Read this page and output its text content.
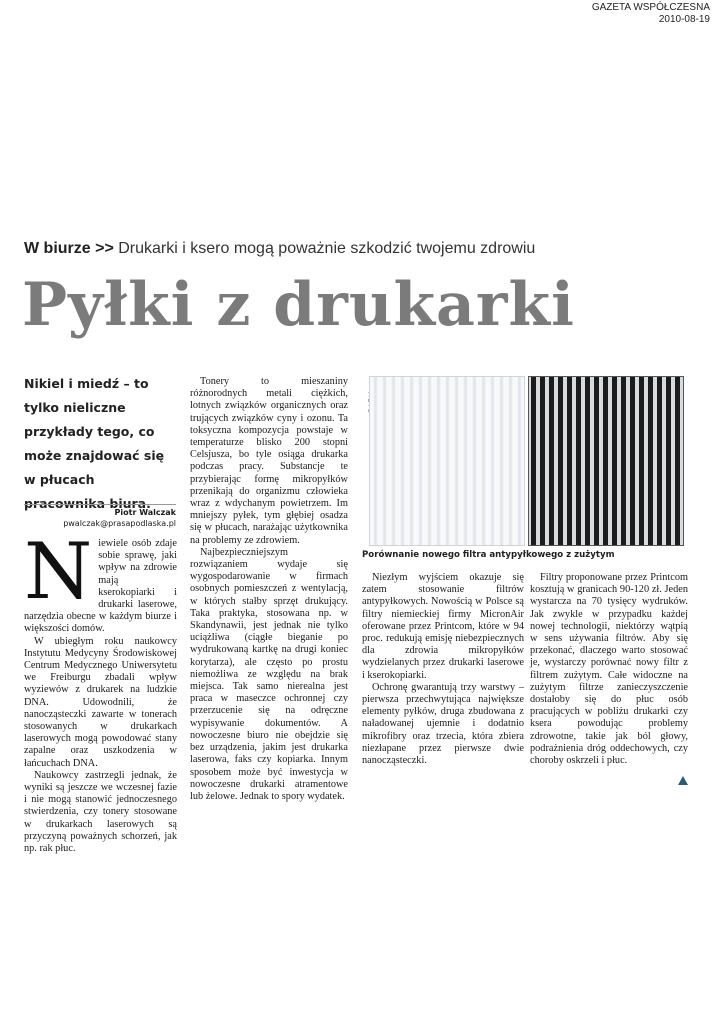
GAZETA WSPÓŁCZESNA
2010-08-19
W biurze >> Drukarki i ksero mogą poważnie szkodzić twojemu zdrowiu
Pyłki z drukarki
Nikiel i miedź – to tylko nieliczne przykłady tego, co może znajdować się w płucach pracownika biura.
Piotr Walczak
pwalczak@prasapodlaska.pl

Niewiele osób zdaje sobie sprawę, jaki wpływ na zdrowie mają kserokopiarki i drukarki laserowe, narzędzia obecne w każdym biurze i większości domów.

W ubiegłym roku naukowcy Instytutu Medycyny Środowiskowej Centrum Medycznego Uniwersytetu we Freiburgu zbadali wpływ wyziewów z drukarek na ludzkie DNA. Udowodnili, że nanocząsteczki zawarte w tonerach stosowanych w drukarkach laserowych mogą powodować stany zapalne oraz uszkodzenia w łańcuchach DNA.

Naukowcy zastrzegli jednak, że wyniki są jeszcze we wczesnej fazie i nie mogą stanowić jednoczesnego stwierdzenia, czy tonery stosowane w drukarkach laserowych są przyczyną poważnych schorzeń, jak np. rak płuc.

Tonery to mieszaniny różnorodnych metali ciężkich, lotnych związków organicznych oraz trujących związków cyny i ozonu. Ta toksyczna kompozycja powstaje w temperaturze blisko 200 stopni Celsjusza, bo tyle osiąga drukarka podczas pracy. Substancje te przybierając formę mikropyłków przenikają do organizmu człowieka wraz z wdychanym powietrzem. Im mniejszy pyłek, tym głębiej osadza się w płucach, narażając użytkownika na problemy ze zdrowiem.

Najbezpieczniejszym rozwiązaniem wydaje się wygospodarowanie w firmach osobnych pomieszczeń z wentylacją, w których stałby sprzęt drukujący. Taka praktyka, stosowana np. w Skandynawii, jest jednak nie tylko uciążliwa (ciągłe bieganie po wydrukowaną kartkę na drugi koniec korytarza), ale często po prostu niemożliwa ze względu na brak miejsca. Tak samo nierealna jest praca w maseczce ochronnej czy przerzucenie się na odręczne wypisywanie dokumentów. A nowoczesne biuro nie obejdzie się bez urządzenia, jakim jest drukarka laserowa, faks czy kopiarka. Innym sposobem może być inwestycja w nowoczesne drukarki atramentowe lub żelowe. Jednak to spory wydatek.

Porównanie nowego filtra antypyłkowego z zużytym

Niezłym wyjściem okazuje się zatem stosowanie filtrów antypyłkowych. Nowością w Polsce są filtry niemieckiej firmy MicronAir oferowane przez Printcom, które w 94 proc. redukują emisję niebezpiecznych dla zdrowia mikropyłków wydzielanych przez drukarki laserowe i kserokopiarki.

Ochronę gwarantują trzy warstwy – pierwsza przechwytująca największe elementy pyłków, druga zbudowana z naładowanej ujemnie i dodatnio mikrofibry oraz trzecia, która zbiera niezłapane przez pierwsze dwie nanocząsteczki.

Filtry proponowane przez Printcom kosztują w granicach 90-120 zł. Jeden wystarcza na 70 tysięcy wydruków. Jak zwykle w przypadku każdej nowej technologii, niektórzy wątpią w sens używania filtrów. Aby się przekonać, dlaczego warto stosować je, wystarczy porównać nowy filtr z filtrem zużytym. Całe widoczne na zużytym filtrze zanieczyszczenie dostałoby się do płuc osób pracujących w pobliżu drukarki czy ksera powodując problemy zdrowotne, takie jak ból głowy, podrażnienia dróg oddechowych, czy choroby oskrzeli i płuc.
